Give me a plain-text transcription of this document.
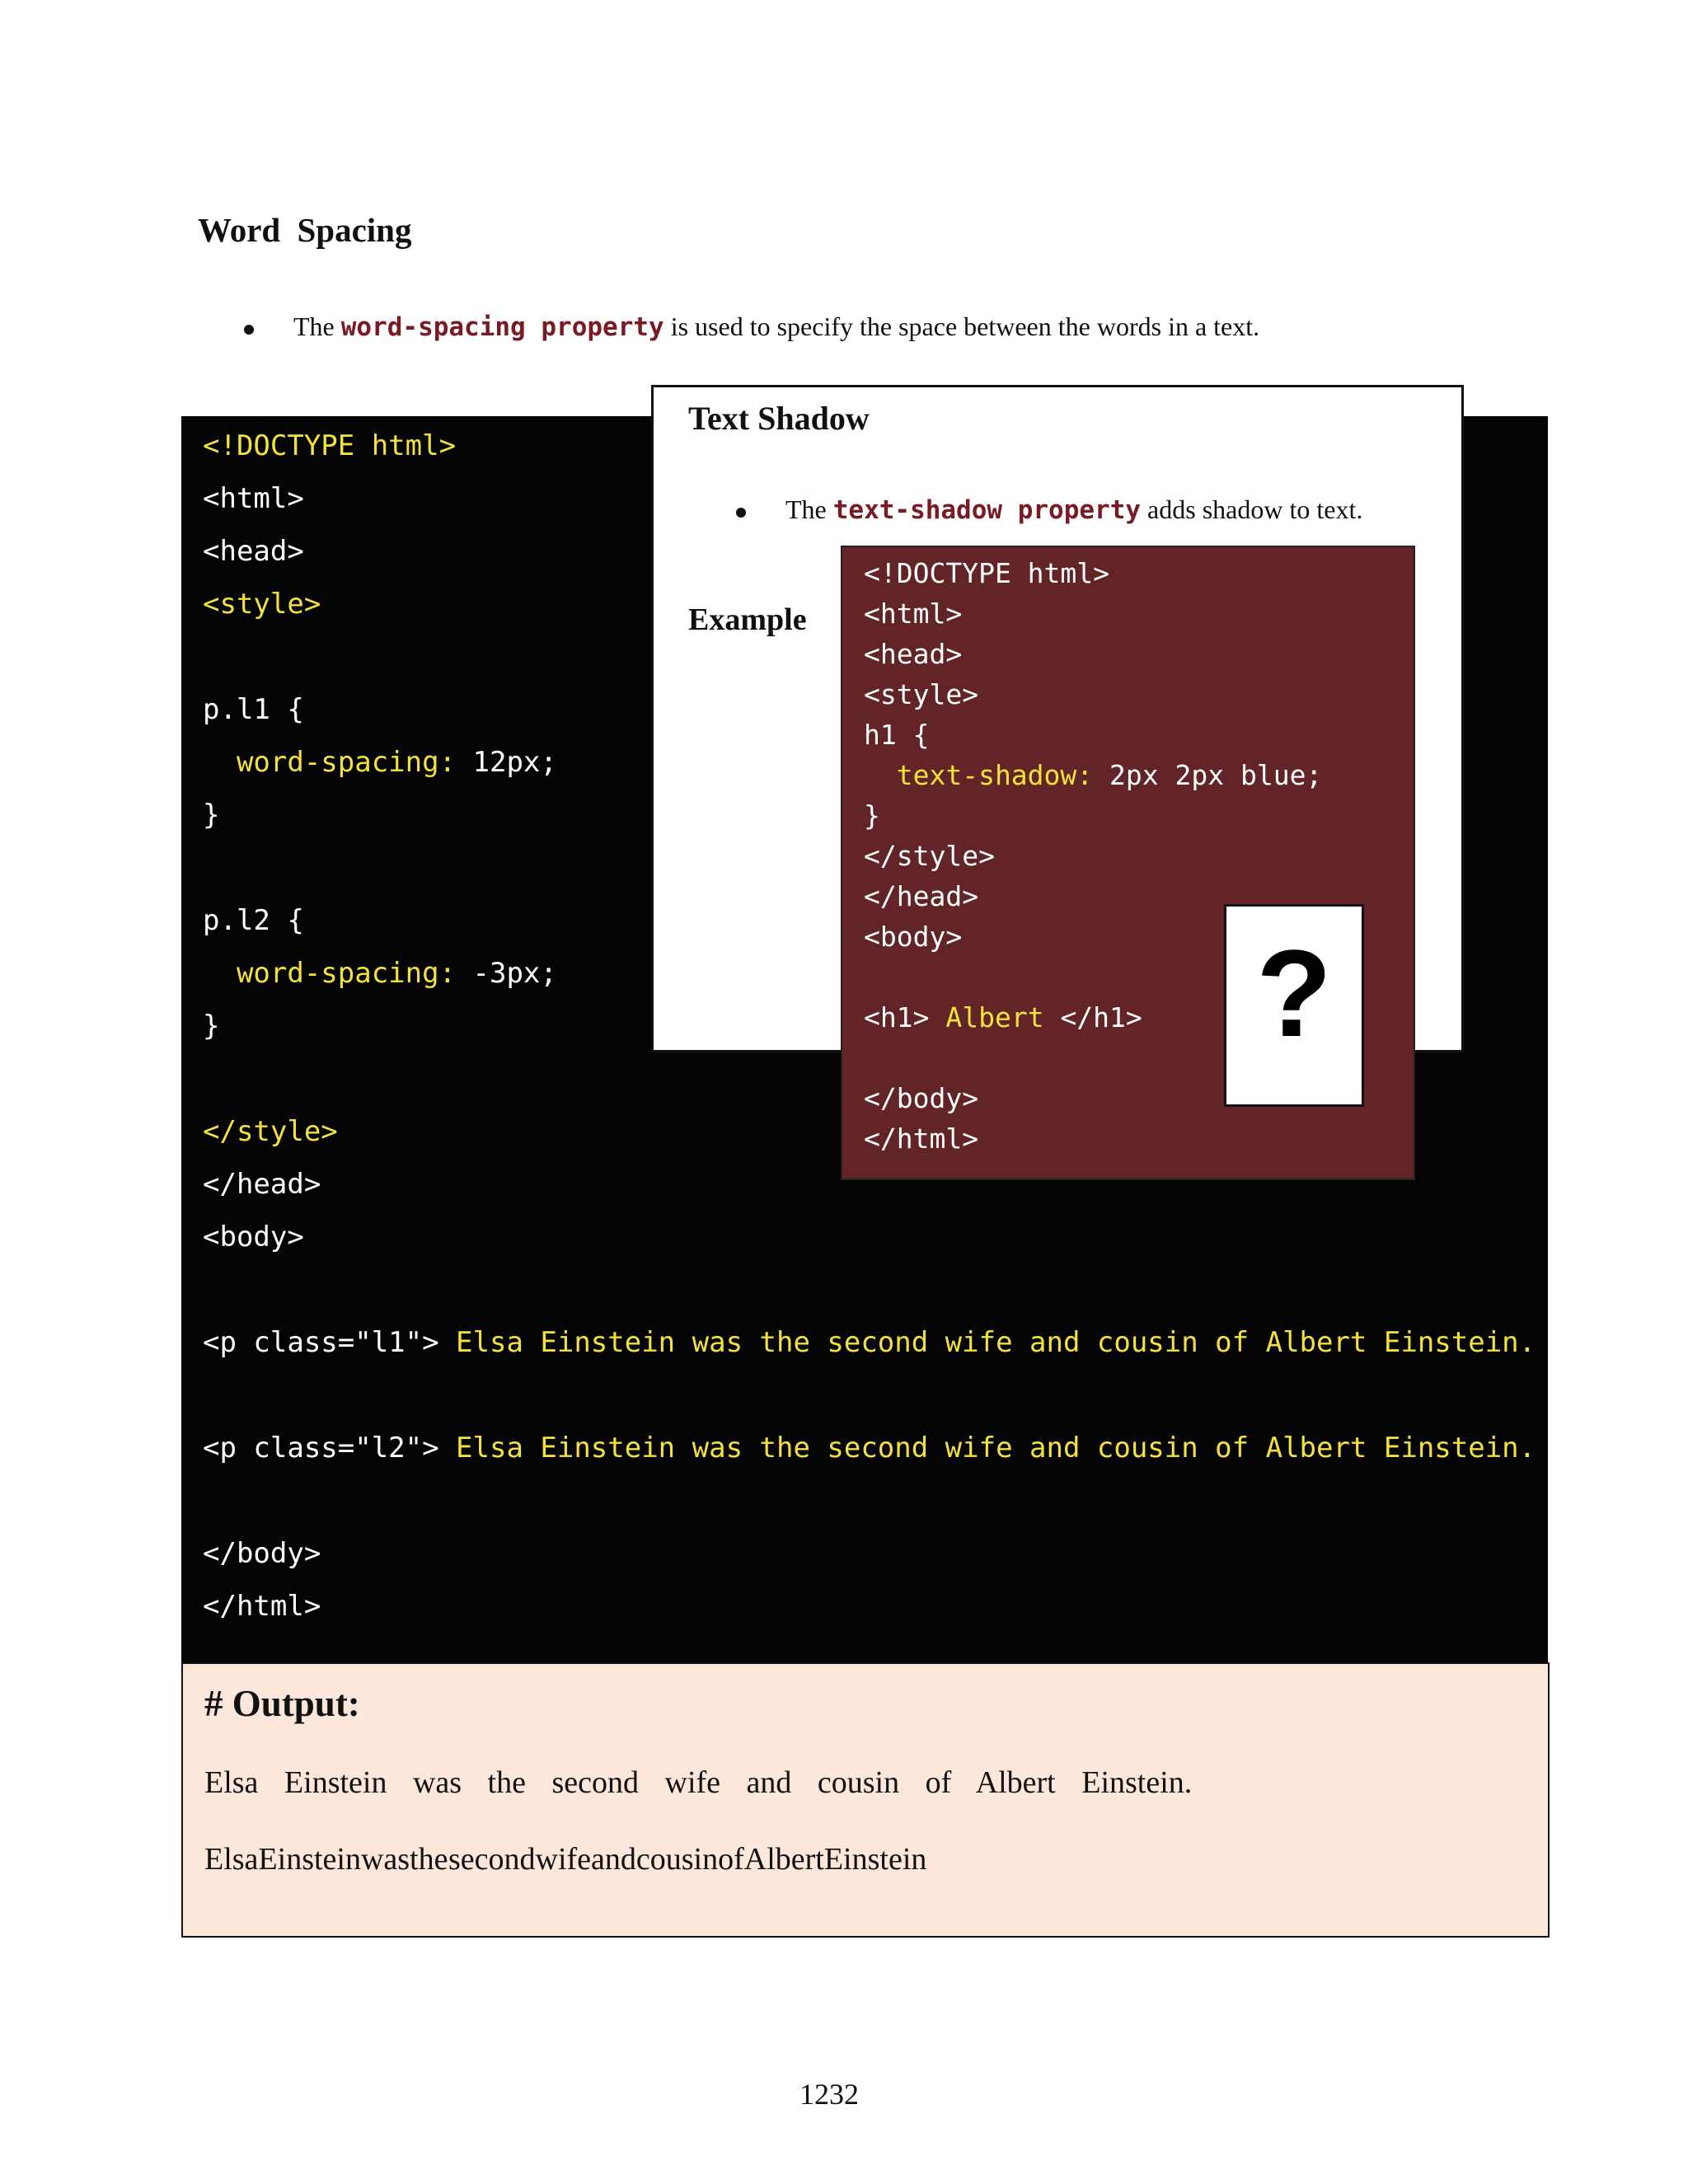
Word Spacing
The word-spacing property is used to specify the space between the words in a text.
<!DOCTYPE html>
<html>
<head>
<style>
p.l1 {
word-spacing: 12px;
}
p.l2 {
word-spacing: -3px;
}
</style>
</head>
<body>
<p class="l1"> Elsa Einstein was the second wife and cousin of Albert Einstein. </p>
<p class="l2"> Elsa Einstein was the second wife and cousin of Albert Einstein. </p>
</body>
</html>
# Output:
Elsa Einstein was the second wife and cousin of Albert Einstein.
ElsaEinsteinwasthe secondwifeandcousinofAlbertEinstein
Text Shadow
The text-shadow property adds shadow to text.
Example
<!DOCTYPE html>
<html>
<head>
<style>
h1 {
text-shadow: 2px 2px blue;
}
</style>
</head>
<body>
<h1> Albert </h1>
</body>
</html>
?
1232
